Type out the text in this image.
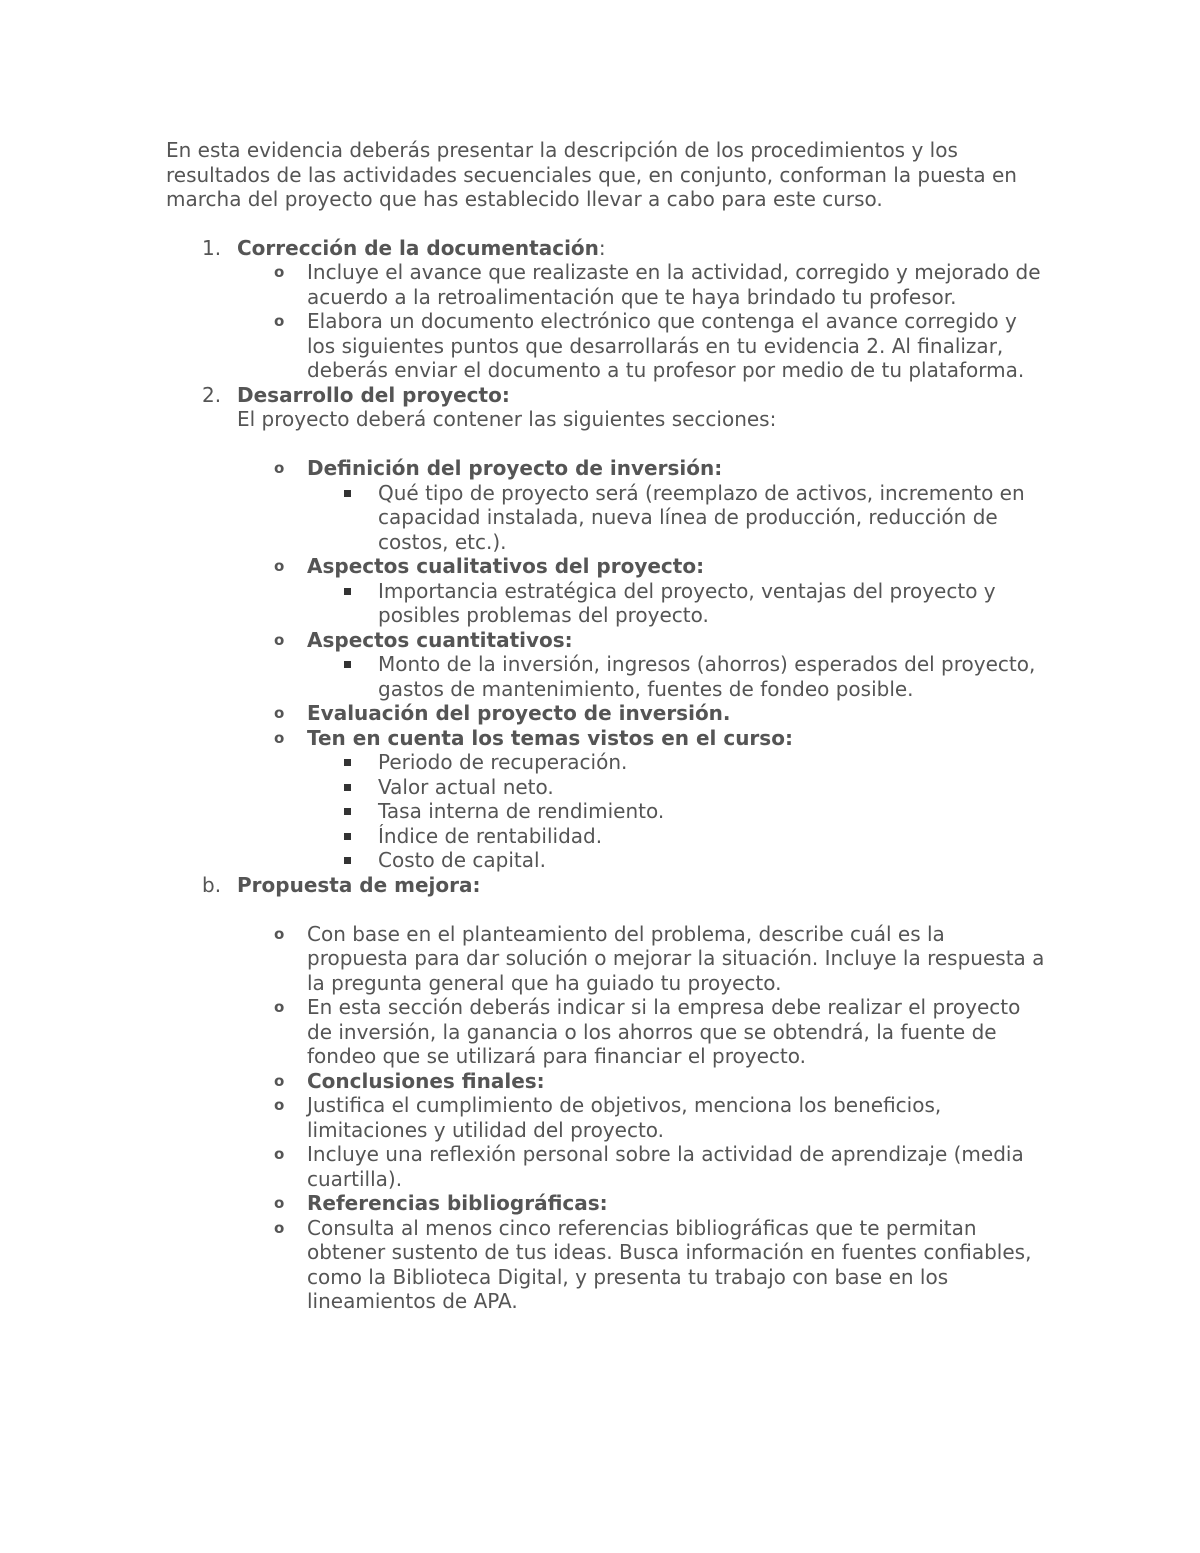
En esta evidencia deberás presentar la descripción de los procedimientos y los resultados de las actividades secuenciales que, en conjunto, conforman la puesta en marcha del proyecto que has establecido llevar a cabo para este curso.

1. Corrección de la documentación:
o Incluye el avance que realizaste en la actividad, corregido y mejorado de acuerdo a la retroalimentación que te haya brindado tu profesor.
o Elabora un documento electrónico que contenga el avance corregido y los siguientes puntos que desarrollarás en tu evidencia 2. Al finalizar, deberás enviar el documento a tu profesor por medio de tu plataforma.
2. Desarrollo del proyecto:
El proyecto deberá contener las siguientes secciones:
o Definición del proyecto de inversión:
Qué tipo de proyecto será (reemplazo de activos, incremento en capacidad instalada, nueva línea de producción, reducción de costos, etc.).
o Aspectos cualitativos del proyecto:
Importancia estratégica del proyecto, ventajas del proyecto y posibles problemas del proyecto.
o Aspectos cuantitativos:
Monto de la inversión, ingresos (ahorros) esperados del proyecto, gastos de mantenimiento, fuentes de fondeo posible.
o Evaluación del proyecto de inversión.
o Ten en cuenta los temas vistos en el curso:
Periodo de recuperación.
Valor actual neto.
Tasa interna de rendimiento.
Índice de rentabilidad.
Costo de capital.
b. Propuesta de mejora:
o Con base en el planteamiento del problema, describe cuál es la propuesta para dar solución o mejorar la situación. Incluye la respuesta a la pregunta general que ha guiado tu proyecto.
o En esta sección deberás indicar si la empresa debe realizar el proyecto de inversión, la ganancia o los ahorros que se obtendrá, la fuente de fondeo que se utilizará para financiar el proyecto.
o Conclusiones finales:
o Justifica el cumplimiento de objetivos, menciona los beneficios, limitaciones y utilidad del proyecto.
o Incluye una reflexión personal sobre la actividad de aprendizaje (media cuartilla).
o Referencias bibliográficas:
o Consulta al menos cinco referencias bibliográficas que te permitan obtener sustento de tus ideas. Busca información en fuentes confiables, como la Biblioteca Digital, y presenta tu trabajo con base en los lineamientos de APA.
